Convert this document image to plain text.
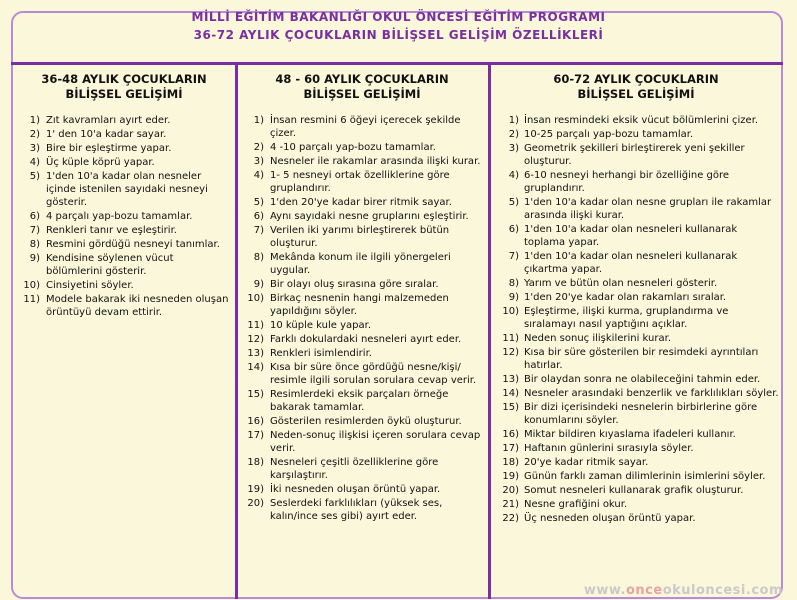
MİLLİ EĞİTİM BAKANLIĞI OKUL ÖNCESİ EĞİTİM PROGRAMI
36-72 AYLIK ÇOCUKLARIN BİLİŞSEL GELİŞİM ÖZELLİKLERİ
36-48 AYLIK ÇOCUKLARIN
BİLİŞSEL GELİŞİMİ
1) Zıt kavramları ayırt eder.
2) 1' den 10'a kadar sayar.
3) Bire bir eşleştirme yapar.
4) Üç küple köprü yapar.
5) 1'den 10'a kadar olan nesneler içinde istenilen sayıdaki nesneyi gösterir.
6) 4 parçalı yap-bozu tamamlar.
7) Renkleri tanır ve eşleştirir.
8) Resmini gördüğü nesneyi tanımlar.
9) Kendisine söylenen vücut bölümlerini gösterir.
10) Cinsiyetini söyler.
11) Modele bakarak iki nesneden oluşan örüntüyü devam ettirir.
48 - 60 AYLIK ÇOCUKLARIN
BİLİŞSEL GELİŞİMİ
1) İnsan resmini 6 öğeyi içerecek şekilde çizer.
2) 4 -10 parçalı yap-bozu tamamlar.
3) Nesneler ile rakamlar arasında ilişki kurar.
4) 1- 5 nesneyi ortak özelliklerine göre gruplandırır.
5) 1'den 20'ye kadar birer ritmik sayar.
6) Aynı sayıdaki nesne gruplarını eşleştirir.
7) Verilen iki yarımı birleştirerek bütün oluşturur.
8) Mekânda konum ile ilgili yönergeleri uygular.
9) Bir olayı oluş sırasına göre sıralar.
10) Birkaç nesnenin hangi malzemeden yapıldığını söyler.
11) 10 küple kule yapar.
12) Farklı dokulardaki nesneleri ayırt eder.
13) Renkleri isimlendirir.
14) Kısa bir süre önce gördüğü nesne/kişi/ resimle ilgili sorulan sorulara cevap verir.
15) Resimlerdeki eksik parçaları örneğe bakarak tamamlar.
16) Gösterilen resimlerden öykü oluşturur.
17) Neden-sonuç ilişkisi içeren sorulara cevap verir.
18) Nesneleri çeşitli özelliklerine göre karşılaştırır.
19) İki nesneden oluşan örüntü yapar.
20) Seslerdeki farklılıkları (yüksek ses, kalın/ince ses gibi) ayırt eder.
60-72 AYLIK ÇOCUKLARIN
BİLİŞSEL GELİŞİMİ
1) İnsan resmindeki eksik vücut bölümlerini çizer.
2) 10-25 parçalı yap-bozu tamamlar.
3) Geometrik şekilleri birleştirerek yeni şekiller oluşturur.
4) 6-10 nesneyi herhangi bir özelliğine göre gruplandırır.
5) 1'den 10'a kadar olan nesne grupları ile rakamlar arasında ilişki kurar.
6) 1'den 10'a kadar olan nesneleri kullanarak toplama yapar.
7) 1'den 10'a kadar olan nesneleri kullanarak çıkartma yapar.
8) Yarım ve bütün olan nesneleri gösterir.
9) 1'den 20'ye kadar olan rakamları sıralar.
10) Eşleştirme, ilişki kurma, gruplandırma ve sıralamayı nasıl yaptığını açıklar.
11) Neden sonuç ilişkilerini kurar.
12) Kısa bir süre gösterilen bir resimdeki ayrıntıları hatırlar.
13) Bir olaydan sonra ne olabileceğini tahmin eder.
14) Nesneler arasındaki benzerlik ve farklılıkları söyler.
15) Bir dizi içerisindeki nesnelerin birbirlerine göre konumlarını söyler.
16) Miktar bildiren kıyaslama ifadeleri kullanır.
17) Haftanın günlerini sırasıyla söyler.
18) 20'ye kadar ritmik sayar.
19) Günün farklı zaman dilimlerinin isimlerini söyler.
20) Somut nesneleri kullanarak grafik oluşturur.
21) Nesne grafiğini okur.
22) Üç nesneden oluşan örüntü yapar.
www.onceokuloncesi.com
